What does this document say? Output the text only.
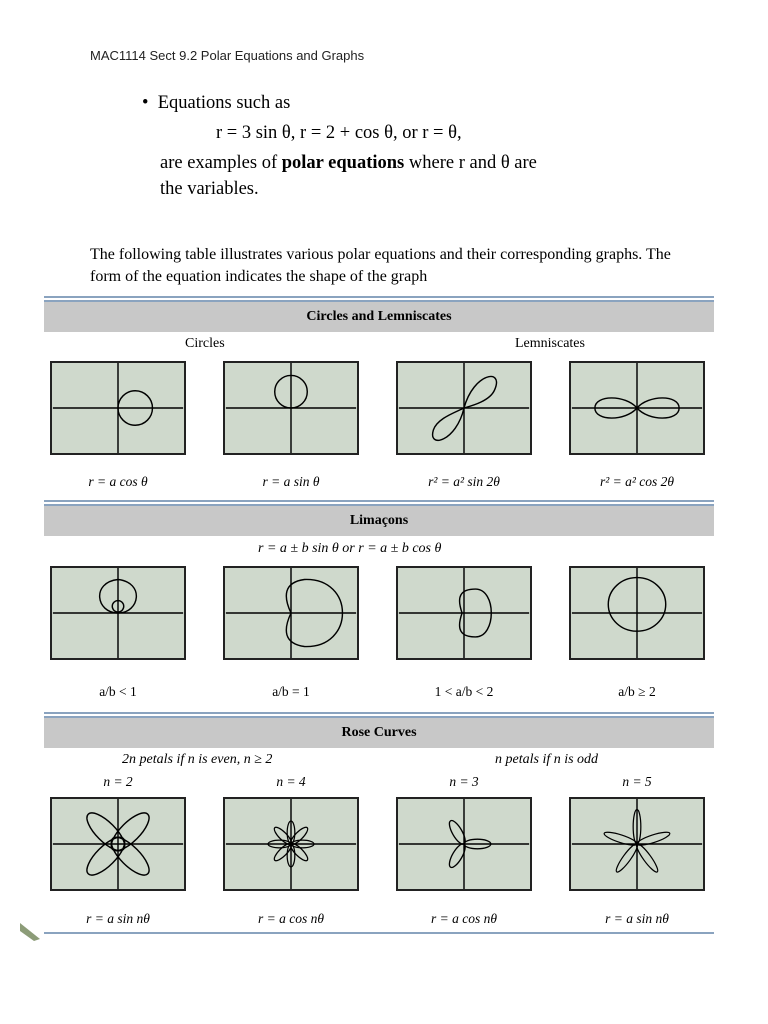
MAC1114 Sect 9.2 Polar Equations and Graphs
• Equations such as
r = 3 sin θ, r = 2 + cos θ, or r = θ,
are examples of polar equations where r and θ are
the variables.
The following table illustrates various polar equations and their corresponding graphs. The form of the equation indicates the shape of the graph
Circles and Lemniscates
Circles	Lemniscates
r = a cos θ	r = a sin θ	r² = a² sin 2θ	r² = a² cos 2θ
Limaçons
r = a ± b sin θ or r = a ± b cos θ
a/b < 1	a/b = 1	1 < a/b < 2	a/b ≥ 2
Rose Curves
2n petals if n is even, n ≥ 2	n petals if n is odd
n = 2	n = 4	n = 3	n = 5
r = a sin nθ	r = a cos nθ	r = a cos nθ	r = a sin nθ
